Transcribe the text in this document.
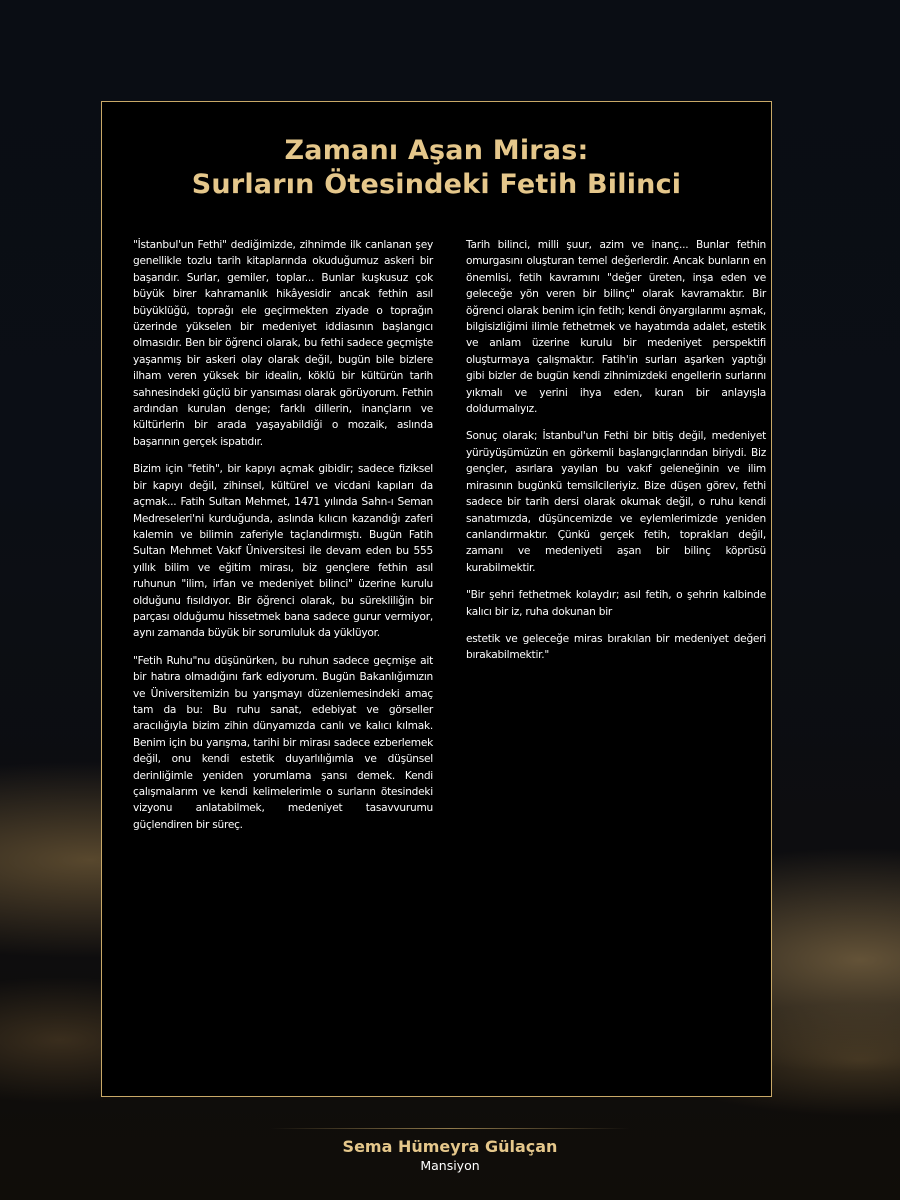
Zamanı Aşan Miras:
Surların Ötesindeki Fetih Bilinci

"İstanbul'un Fethi" dediğimizde, zihnimde ilk canlanan şey genellikle tozlu tarih kitaplarında okuduğumuz askeri bir başarıdır. Surlar, gemiler, toplar... Bunlar kuşkusuz çok büyük birer kahramanlık hikâyesidir ancak fethin asıl büyüklüğü, toprağı ele geçirmekten ziyade o toprağın üzerinde yükselen bir medeniyet iddiasının başlangıcı olmasıdır. Ben bir öğrenci olarak, bu fethi sadece geçmişte yaşanmış bir askeri olay olarak değil, bugün bile bizlere ilham veren yüksek bir idealin, köklü bir kültürün tarih sahnesindeki güçlü bir yansıması olarak görüyorum. Fethin ardından kurulan denge; farklı dillerin, inançların ve kültürlerin bir arada yaşayabildiği o mozaik, aslında başarının gerçek ispatıdır.

Bizim için "fetih", bir kapıyı açmak gibidir; sadece fiziksel bir kapıyı değil, zihinsel, kültürel ve vicdani kapıları da açmak... Fatih Sultan Mehmet, 1471 yılında Sahn-ı Seman Medreseleri'ni kurduğunda, aslında kılıcın kazandığı zaferi kalemin ve bilimin zaferiyle taçlandırmıştı. Bugün Fatih Sultan Mehmet Vakıf Üniversitesi ile devam eden bu 555 yıllık bilim ve eğitim mirası, biz gençlere fethin asıl ruhunun "ilim, irfan ve medeniyet bilinci" üzerine kurulu olduğunu fısıldıyor. Bir öğrenci olarak, bu sürekliliğin bir parçası olduğumu hissetmek bana sadece gurur vermiyor, aynı zamanda büyük bir sorumluluk da yüklüyor.

"Fetih Ruhu"nu düşünürken, bu ruhun sadece geçmişe ait bir hatıra olmadığını fark ediyorum. Bugün Bakanlığımızın ve Üniversitemizin bu yarışmayı düzenlemesindeki amaç tam da bu: Bu ruhu sanat, edebiyat ve görseller aracılığıyla bizim zihin dünyamızda canlı ve kalıcı kılmak. Benim için bu yarışma, tarihi bir mirası sadece ezberlemek değil, onu kendi estetik duyarlılığımla ve düşünsel derinliğimle yeniden yorumlama şansı demek. Kendi çalışmalarım ve kendi kelimelerimle o surların ötesindeki vizyonu anlatabilmek, medeniyet tasavvurumu güçlendiren bir süreç.

Tarih bilinci, milli şuur, azim ve inanç... Bunlar fethin omurgasını oluşturan temel değerlerdir. Ancak bunların en önemlisi, fetih kavramını "değer üreten, inşa eden ve geleceğe yön veren bir bilinç" olarak kavramaktır. Bir öğrenci olarak benim için fetih; kendi önyargılarımı aşmak, bilgisizliğimi ilimle fethetmek ve hayatımda adalet, estetik ve anlam üzerine kurulu bir medeniyet perspektifi oluşturmaya çalışmaktır. Fatih'in surları aşarken yaptığı gibi bizler de bugün kendi zihnimizdeki engellerin surlarını yıkmalı ve yerini ihya eden, kuran bir anlayışla doldurmalıyız.

Sonuç olarak; İstanbul'un Fethi bir bitiş değil, medeniyet yürüyüşümüzün en görkemli başlangıçlarından biriydi. Biz gençler, asırlara yayılan bu vakıf geleneğinin ve ilim mirasının bugünkü temsilcileriyiz. Bize düşen görev, fethi sadece bir tarih dersi olarak okumak değil, o ruhu kendi sanatımızda, düşüncemizde ve eylemlerimizde yeniden canlandırmaktır. Çünkü gerçek fetih, toprakları değil, zamanı ve medeniyeti aşan bir bilinç köprüsü kurabilmektir.

"Bir şehri fethetmek kolaydır; asıl fetih, o şehrin kalbinde kalıcı bir iz, ruha dokunan bir

estetik ve geleceğe miras bırakılan bir medeniyet değeri bırakabilmektir."

Sema Hümeyra Gülaçan
Mansiyon
